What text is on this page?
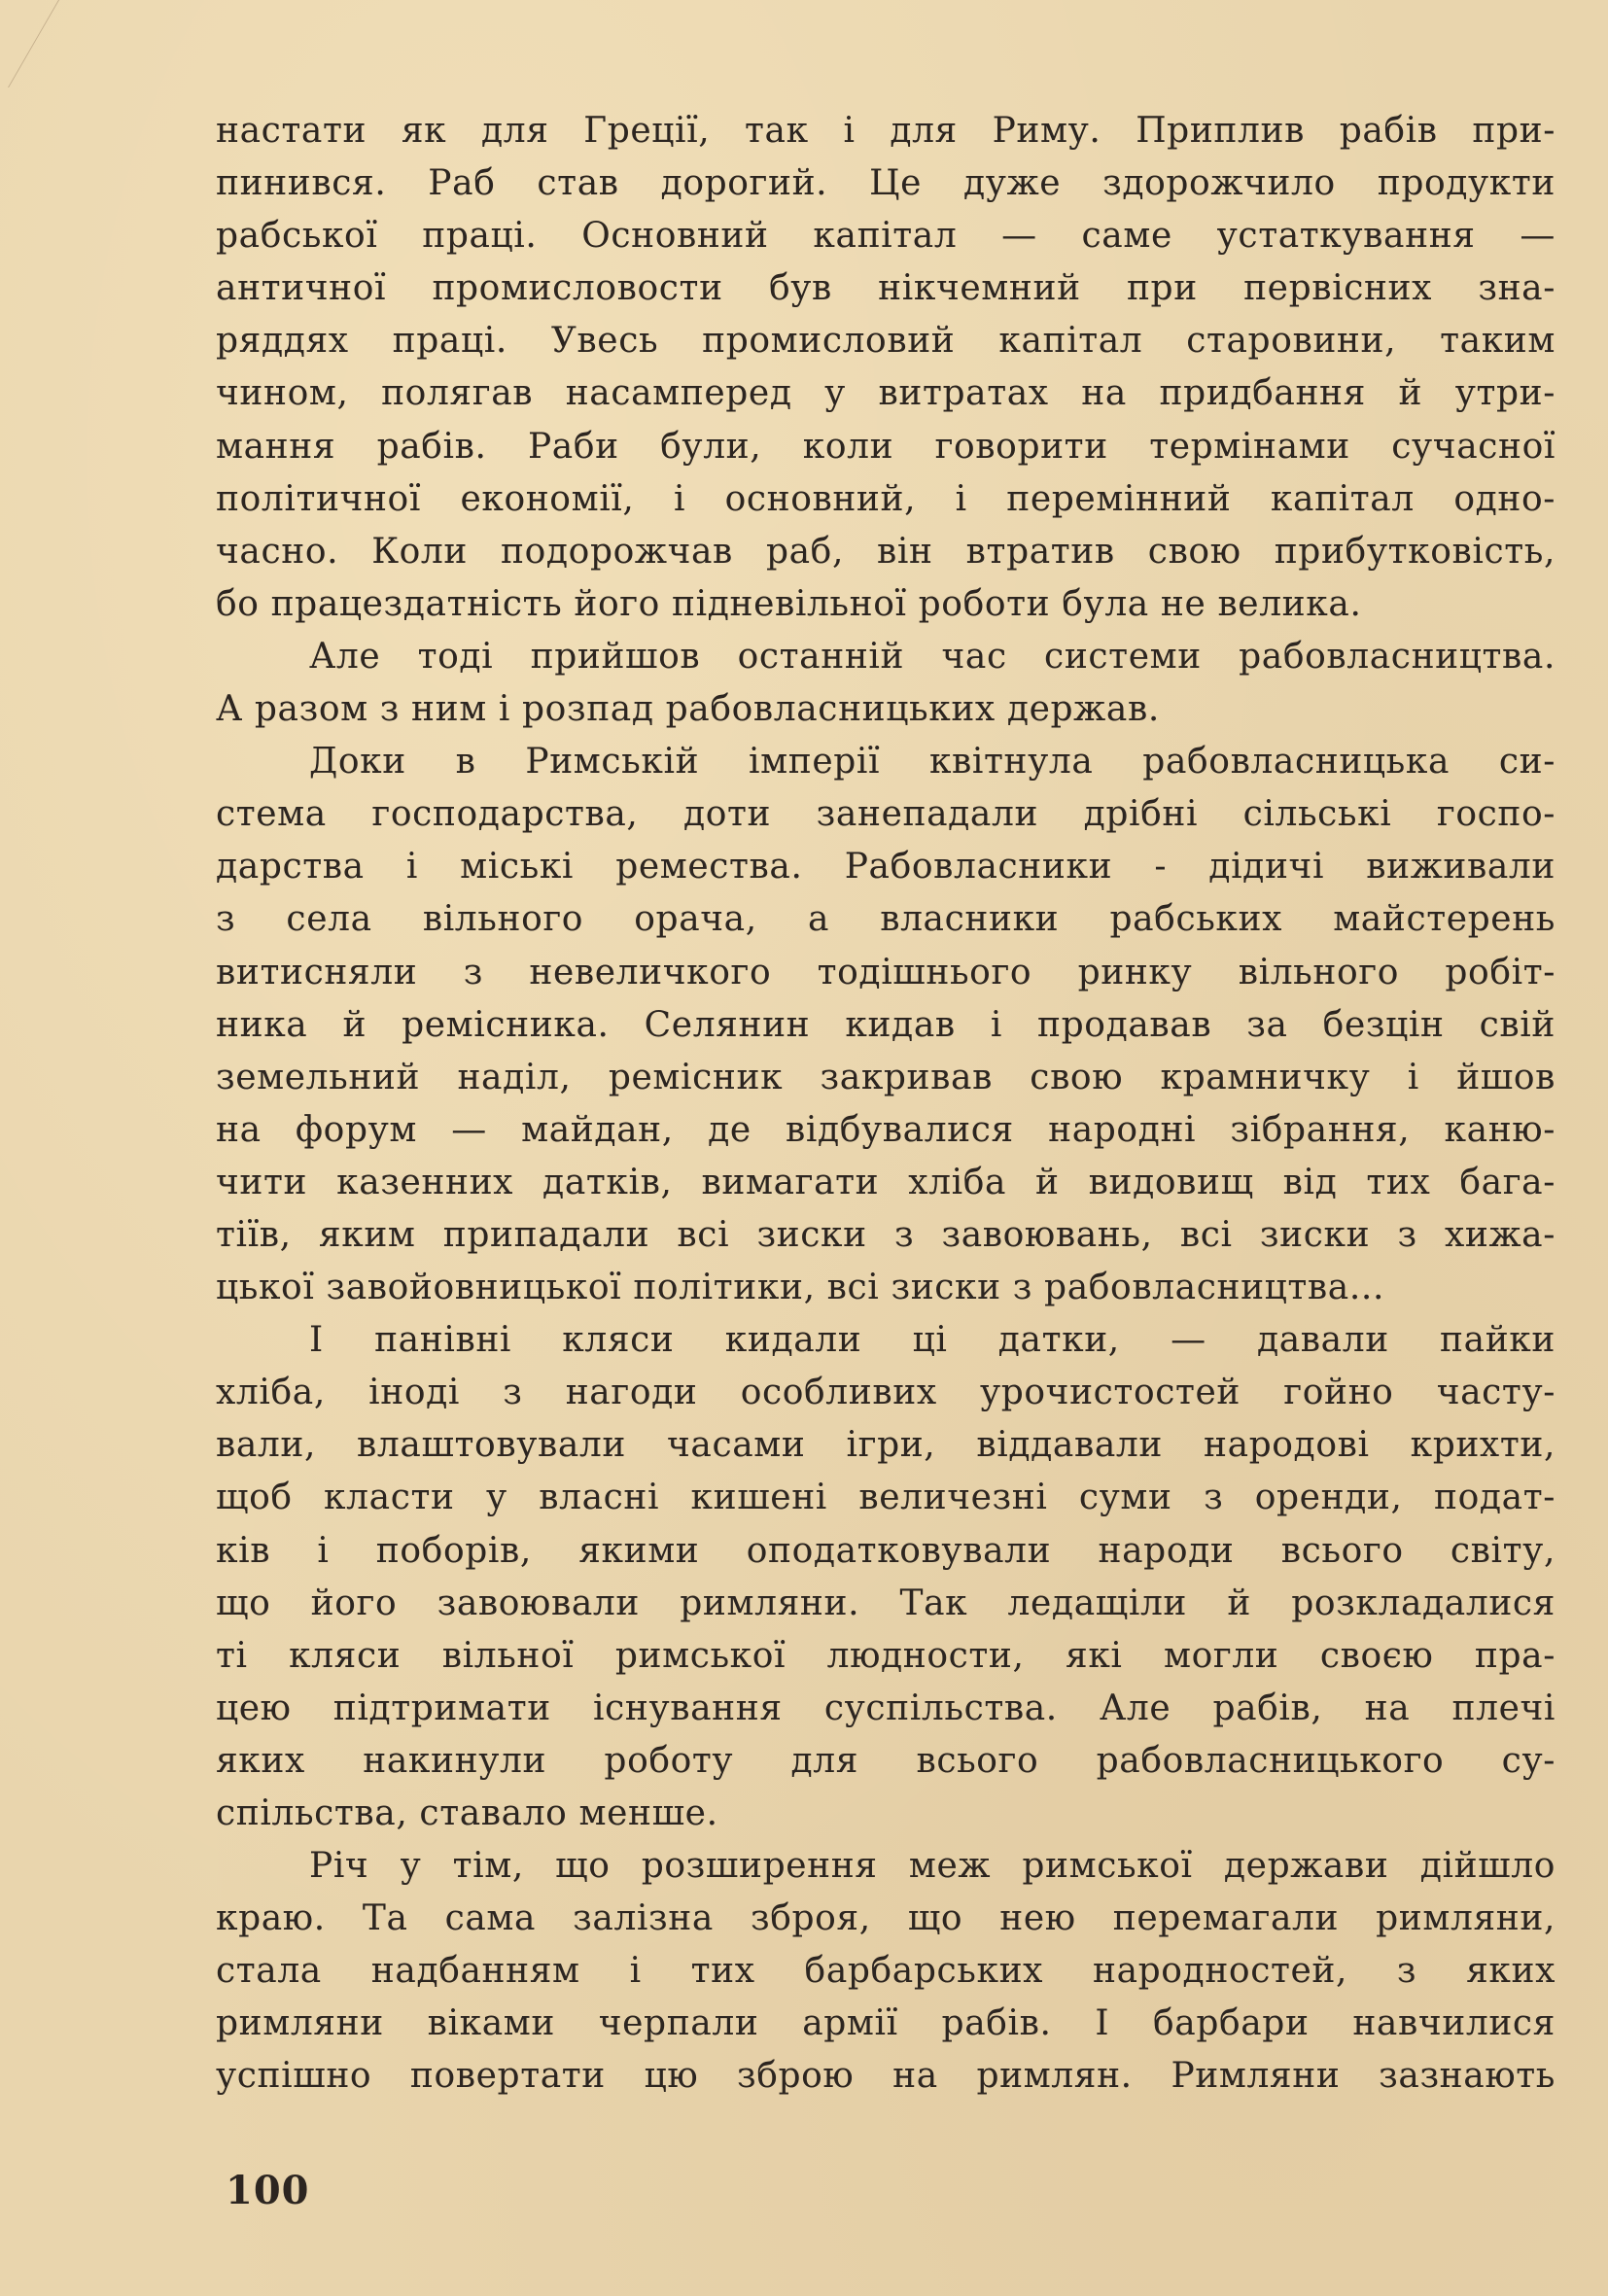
настати як для Греції, так і для Риму. Приплив рабів при-
пинився. Раб став дорогий. Це дуже здорожчило продукти
рабської праці. Основний капітал — саме устаткування —
античної промисловости був нікчемний при первісних зна-
ряддях праці. Увесь промисловий капітал старовини, таким
чином, полягав насамперед у витратах на придбання й утри-
мання рабів. Раби були, коли говорити термінами сучасної
політичної економії, і основний, і перемінний капітал одно-
часно. Коли подорожчав раб, він втратив свою прибутковість,
бо працездатність його підневільної роботи була не велика.
Але тоді прийшов останній час системи рабовласництва.
А разом з ним і розпад рабовласницьких держав.
Доки в Римській імперії квітнула рабовласницька си-
стема господарства, доти занепадали дрібні сільські госпо-
дарства і міські ремества. Рабовласники - дідичі виживали
з села вільного орача, а власники рабських майстерень
витисняли з невеличкого тодішнього ринку вільного робіт-
ника й ремісника. Селянин кидав і продавав за безцін свій
земельний наділ, ремісник закривав свою крамничку і йшов
на форум — майдан, де відбувалися народні зібрання, каню-
чити казенних датків, вимагати хліба й видовищ від тих бага-
тіїв, яким припадали всі зиски з завоювань, всі зиски з хижа-
цької завойовницької політики, всі зиски з рабовласництва...
І панівні кляси кидали ці датки, — давали пайки
хліба, іноді з нагоди особливих урочистостей гойно часту-
вали, влаштовували часами ігри, віддавали народові крихти,
щоб класти у власні кишені величезні суми з оренди, подат-
ків і поборів, якими оподатковували народи всього світу,
що його завоювали римляни. Так ледащіли й розкладалися
ті кляси вільної римської людности, які могли своєю пра-
цею підтримати існування суспільства. Але рабів, на плечі
яких накинули роботу для всього рабовласницького су-
спільства, ставало менше.
Річ у тім, що розширення меж римської держави дійшло
краю. Та сама залізна зброя, що нею перемагали римляни,
стала надбанням і тих барбарських народностей, з яких
римляни віками черпали армії рабів. І барбари навчилися
успішно повертати цю зброю на римлян. Римляни зазнають
100
